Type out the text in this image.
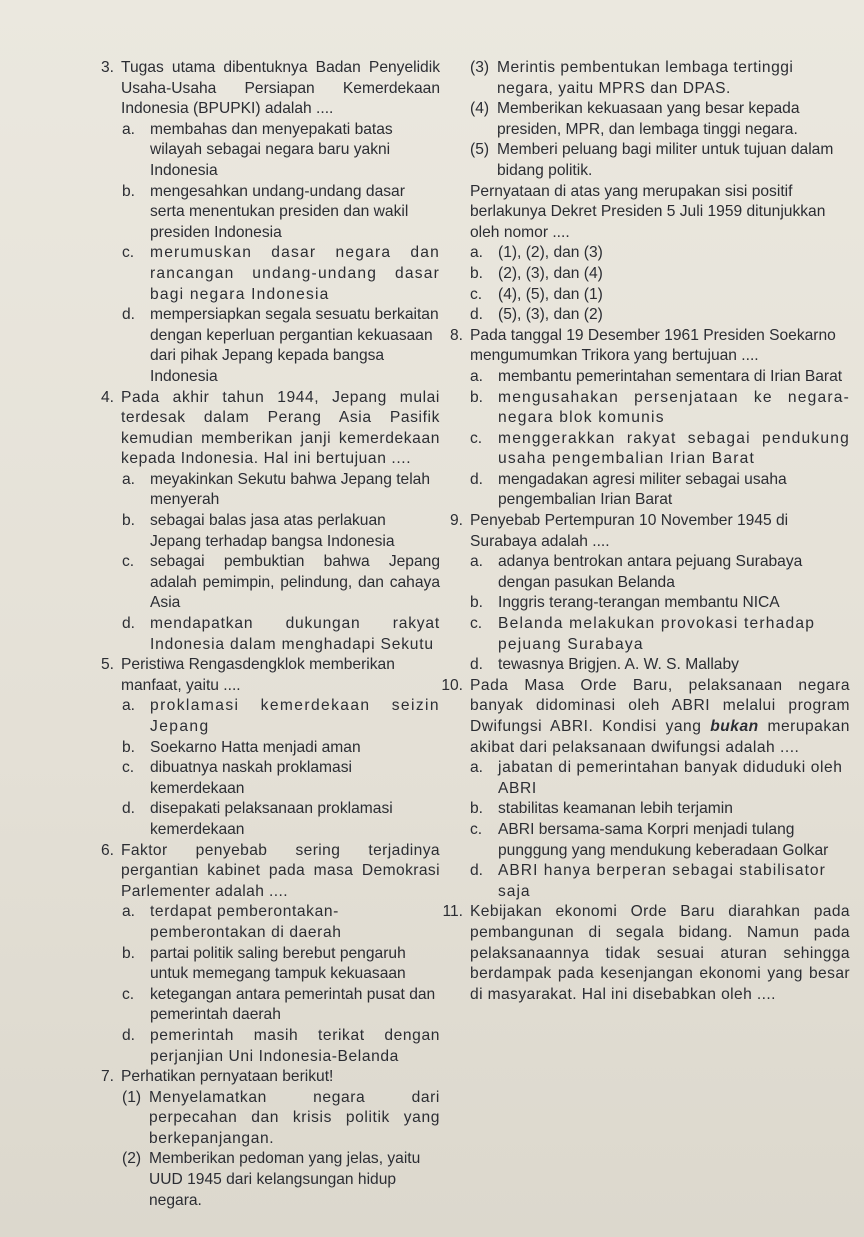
3. Tugas utama dibentuknya Badan Penyelidik Usaha-Usaha Persiapan Kemerdekaan Indonesia (BPUPKI) adalah ....
a. membahas dan menyepakati batas wilayah sebagai negara baru yakni Indonesia
b. mengesahkan undang-undang dasar serta menentukan presiden dan wakil presiden Indonesia
c.	merumuskan dasar negara dan rancangan undang-undang dasar bagi negara Indonesia
d. mempersiapkan segala sesuatu berkaitan dengan keperluan pergantian kekuasaan dari pihak Jepang kepada bangsa Indonesia
4. Pada akhir tahun 1944, Jepang mulai terdesak dalam Perang Asia Pasifik kemudian memberikan janji kemerdekaan kepada Indonesia. Hal ini bertujuan ....
a. meyakinkan Sekutu bahwa Jepang telah menyerah
b. sebagai balas jasa atas perlakuan Jepang terhadap bangsa Indonesia
c.	sebagai pembuktian bahwa Jepang adalah pemimpin, pelindung, dan cahaya Asia
d. mendapatkan dukungan rakyat Indonesia dalam menghadapi Sekutu
5. Peristiwa Rengasdengklok memberikan manfaat, yaitu ....
a. proklamasi kemerdekaan seizin Jepang
b. Soekarno Hatta menjadi aman
c.	dibuatnya naskah proklamasi kemerdekaan
d. disepakati pelaksanaan proklamasi kemerdekaan
6. Faktor penyebab sering terjadinya pergantian kabinet pada masa Demokrasi Parlementer adalah ....
a. terdapat pemberontakan-pemberontakan di daerah
b. partai politik saling berebut pengaruh untuk memegang tampuk kekuasaan
c.	ketegangan antara pemerintah pusat dan pemerintah daerah
d. pemerintah masih terikat dengan perjanjian Uni Indonesia-Belanda
7. Perhatikan pernyataan berikut!
(1) Menyelamatkan negara dari perpecahan dan krisis politik yang berkepanjangan.
(2) Memberikan pedoman yang jelas, yaitu UUD 1945 dari kelangsungan hidup negara.
(3) Merintis pembentukan lembaga tertinggi negara, yaitu MPRS dan DPAS.
(4) Memberikan kekuasaan yang besar kepada presiden, MPR, dan lembaga tinggi negara.
(5) Memberi peluang bagi militer untuk tujuan dalam bidang politik.
Pernyataan di atas yang merupakan sisi positif berlakunya Dekret Presiden 5 Juli 1959 ditunjukkan oleh nomor ....
a. (1), (2), dan (3)
b. (2), (3), dan (4)
c.	(4), (5), dan (1)
d. (5), (3), dan (2)
8. Pada tanggal 19 Desember 1961 Presiden Soekarno mengumumkan Trikora yang bertujuan ....
a. membantu pemerintahan sementara di Irian Barat
b. mengusahakan persenjataan ke negara-negara blok komunis
c.	menggerakkan rakyat sebagai pendukung usaha pengembalian Irian Barat
d. mengadakan agresi militer sebagai usaha pengembalian Irian Barat
9. Penyebab Pertempuran 10 November 1945 di Surabaya adalah ....
a. adanya bentrokan antara pejuang Surabaya dengan pasukan Belanda
b. Inggris terang-terangan membantu NICA
c.	Belanda melakukan provokasi terhadap pejuang Surabaya
d. tewasnya Brigjen. A. W. S. Mallaby
10. Pada Masa Orde Baru, pelaksanaan negara banyak didominasi oleh ABRI melalui program Dwifungsi ABRI. Kondisi yang bukan merupakan akibat dari pelaksanaan dwifungsi adalah ....
a. jabatan di pemerintahan banyak diduduki oleh ABRI
b. stabilitas keamanan lebih terjamin
c.	ABRI bersama-sama Korpri menjadi tulang punggung yang mendukung keberadaan Golkar
d. ABRI hanya berperan sebagai stabilisator saja
11. Kebijakan ekonomi Orde Baru diarahkan pada pembangunan di segala bidang. Namun pada pelaksanaannya tidak sesuai aturan sehingga berdampak pada kesenjangan ekonomi yang besar di masyarakat. Hal ini disebabkan oleh ....
